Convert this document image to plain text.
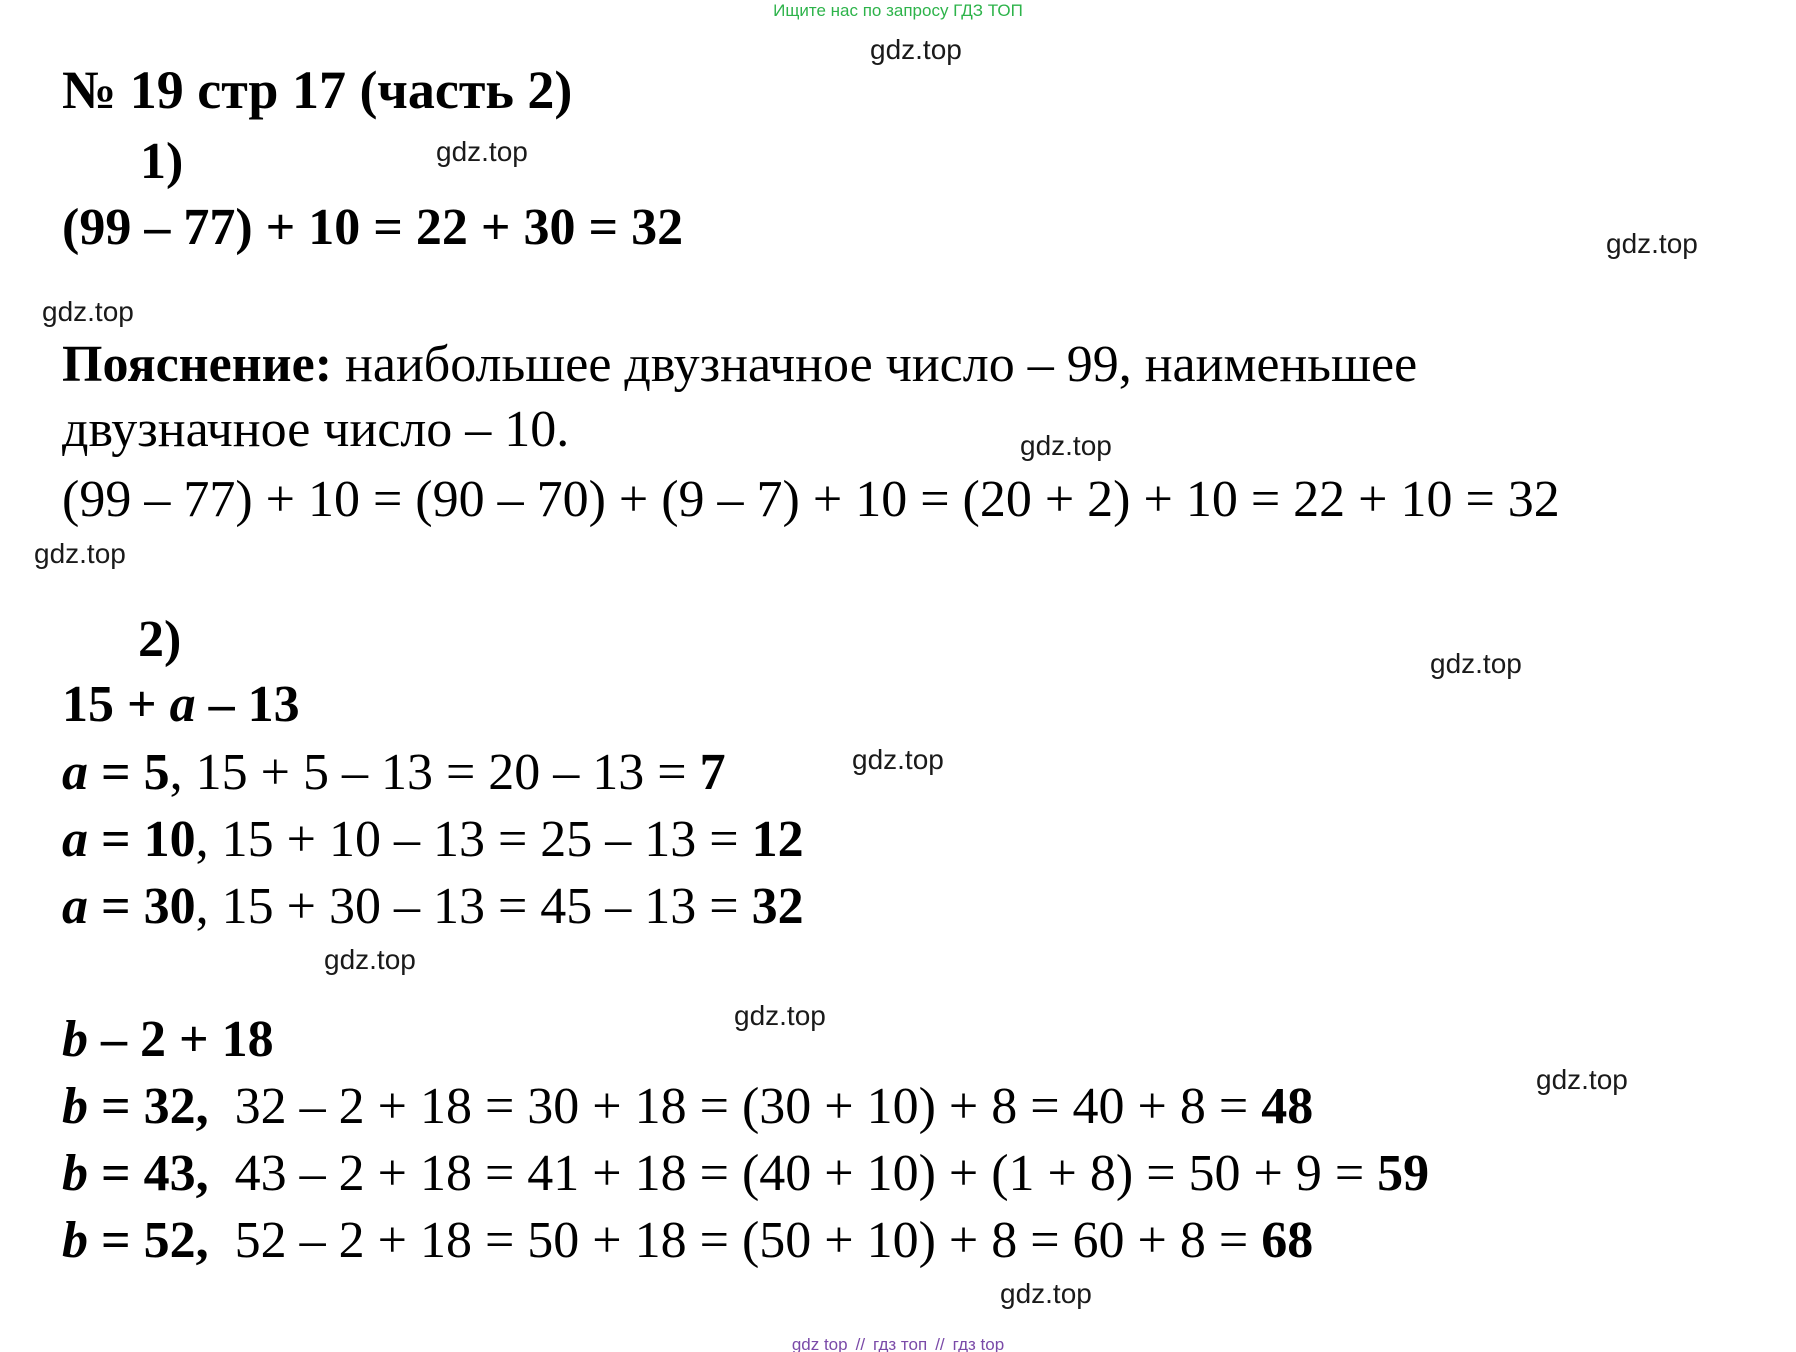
Ищите нас по запросу ГДЗ ТОП
№ 19 стр 17 (часть 2)
1)
(99 – 77) + 10 = 22 + 30 = 32
Пояснение: наибольшее двузначное число – 99, наименьшее
двузначное число – 10.
(99 – 77) + 10 = (90 – 70) + (9 – 7) + 10 = (20 + 2) + 10 = 22 + 10 = 32
2)
15 + a – 13
a = 5, 15 + 5 – 13 = 20 – 13 = 7
a = 10, 15 + 10 – 13 = 25 – 13 = 12
a = 30, 15 + 30 – 13 = 45 – 13 = 32
b – 2 + 18
b = 32,  32 – 2 + 18 = 30 + 18 = (30 + 10) + 8 = 40 + 8 = 48
b = 43,  43 – 2 + 18 = 41 + 18 = (40 + 10) + (1 + 8) = 50 + 9 = 59
b = 52,  52 – 2 + 18 = 50 + 18 = (50 + 10) + 8 = 60 + 8 = 68
gdz.top
gdz.top
gdz.top
gdz.top
gdz.top
gdz.top
gdz.top
gdz.top
gdz.top
gdz.top
gdz.top
gdz.top
gdz top // гдз топ // гдз top
